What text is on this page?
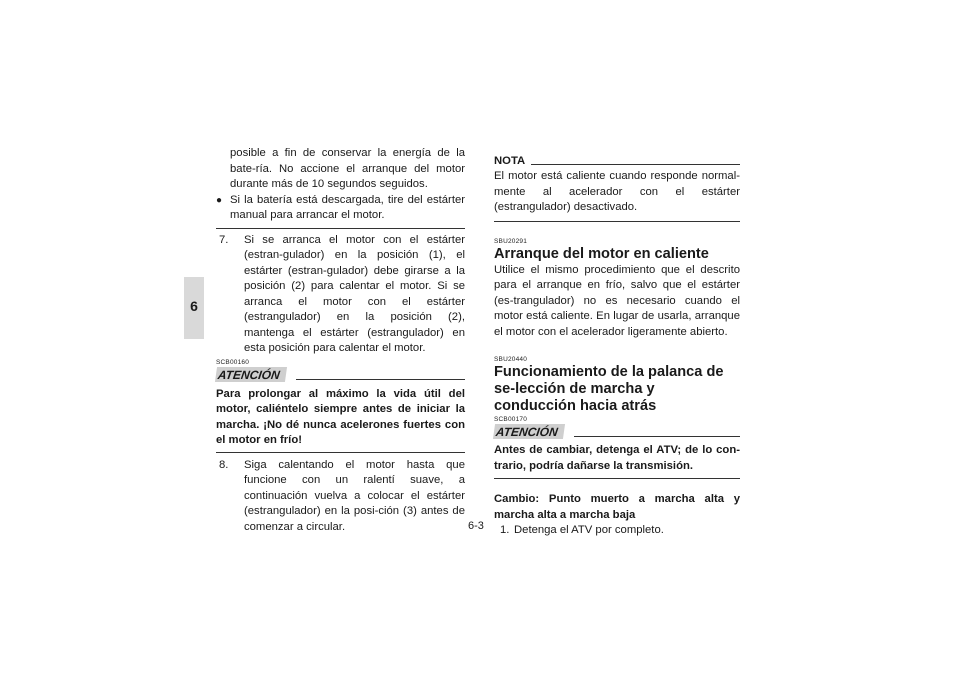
6

posible a fin de conservar la energía de la bate-ría. No accione el arranque del motor durante más de 10 segundos seguidos.

● Si la batería está descargada, tire del estárter manual para arrancar el motor.

7. Si se arranca el motor con el estárter (estran-gulador) en la posición (1), el estárter (estran-gulador) debe girarse a la posición (2) para calentar el motor. Si se arranca el motor con el estárter (estrangulador) en la posición (2), mantenga el estárter (estrangulador) en esta posición para calentar el motor.

SCB00160
ATENCIÓN

Para prolongar al máximo la vida útil del motor, caliéntelo siempre antes de iniciar la marcha. ¡No dé nunca acelerones fuertes con el motor en frío!

8. Siga calentando el motor hasta que funcione con un ralentí suave, a continuación vuelva a colocar el estárter (estrangulador) en la posi-ción (3) antes de comenzar a circular.

NOTA

El motor está caliente cuando responde normal-mente al acelerador con el estárter (estrangulador) desactivado.

SBU20291
Arranque del motor en caliente

Utilice el mismo procedimiento que el descrito para el arranque en frío, salvo que el estárter (es-trangulador) no es necesario cuando el motor está caliente. En lugar de usarla, arranque el motor con el acelerador ligeramente abierto.

SBU20440
Funcionamiento de la palanca de se-lección de marcha y conducción hacia atrás
SCB00170
ATENCIÓN

Antes de cambiar, detenga el ATV; de lo con-trario, podría dañarse la transmisión.

Cambio: Punto muerto a marcha alta y marcha alta a marcha baja

1. Detenga el ATV por completo.

6-3
